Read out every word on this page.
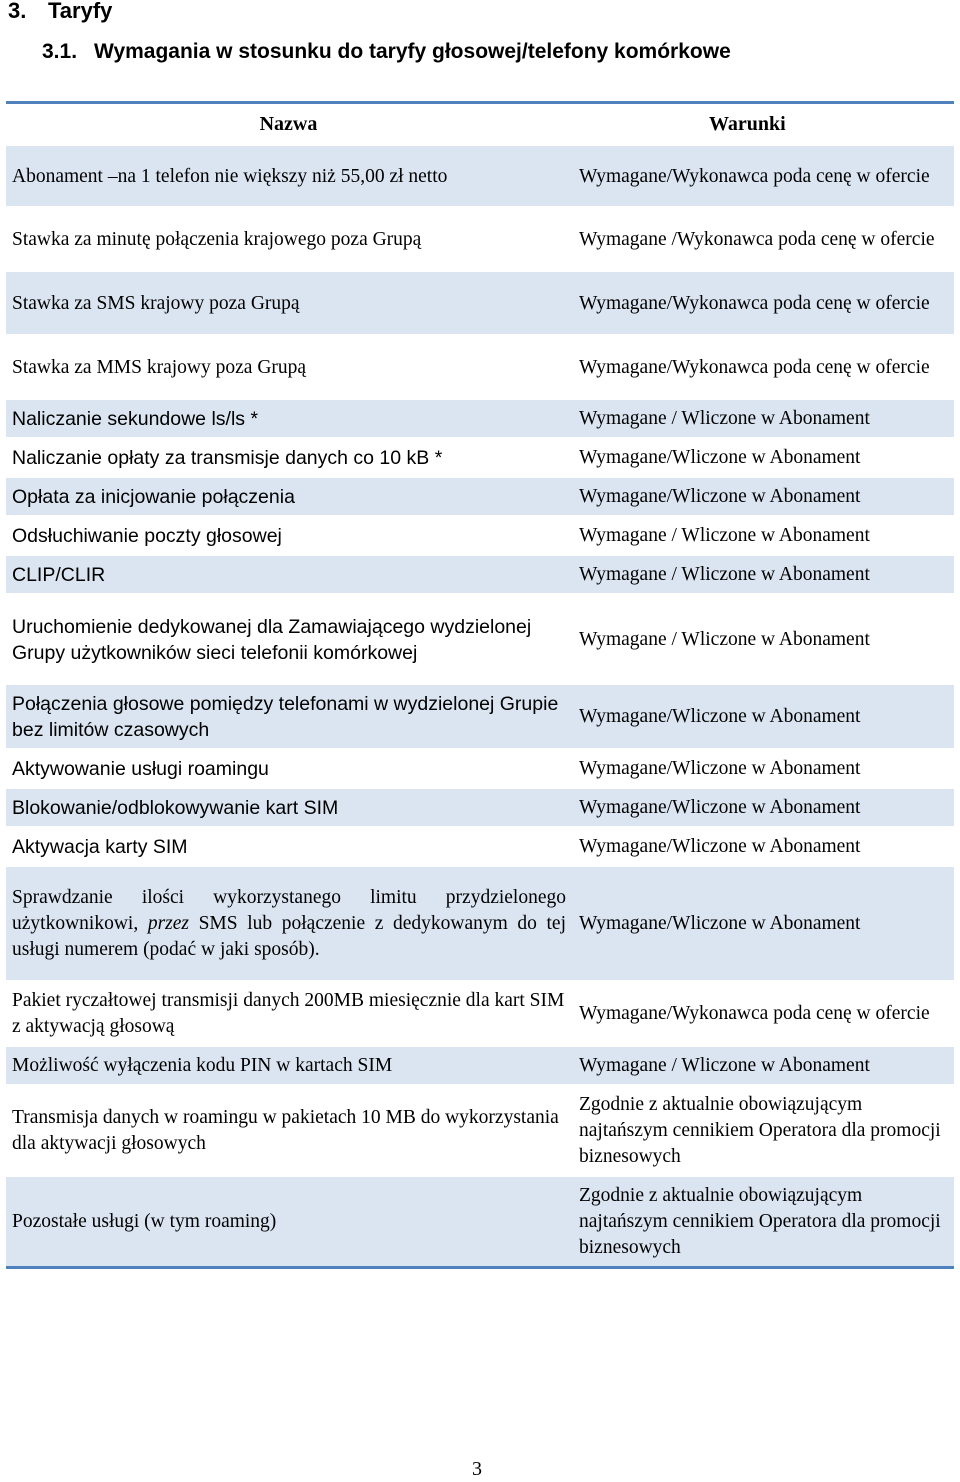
3. Taryfy
3.1. Wymagania w stosunku do taryfy głosowej/telefony komórkowe
Nazwa	Warunki
Abonament –na 1 telefon nie większy niż 55,00 zł netto	Wymagane/Wykonawca poda cenę w ofercie
Stawka za minutę połączenia krajowego poza Grupą	Wymagane /Wykonawca poda cenę w ofercie
Stawka za SMS krajowy poza Grupą	Wymagane/Wykonawca poda cenę w ofercie
Stawka za MMS krajowy poza Grupą	Wymagane/Wykonawca poda cenę w ofercie
Naliczanie sekundowe ls/ls *	Wymagane / Wliczone w Abonament
Naliczanie opłaty za transmisje danych co 10 kB *	Wymagane/Wliczone w Abonament
Opłata za inicjowanie połączenia	Wymagane/Wliczone w Abonament
Odsłuchiwanie poczty głosowej	Wymagane / Wliczone w Abonament
CLIP/CLIR	Wymagane / Wliczone w Abonament
Uruchomienie dedykowanej dla Zamawiającego wydzielonej Grupy użytkowników sieci telefonii komórkowej	Wymagane / Wliczone w Abonament
Połączenia głosowe pomiędzy telefonami w wydzielonej Grupie bez limitów czasowych	Wymagane/Wliczone w Abonament
Aktywowanie usługi roamingu	Wymagane/Wliczone w Abonament
Blokowanie/odblokowywanie kart SIM	Wymagane/Wliczone w Abonament
Aktywacja karty SIM	Wymagane/Wliczone w Abonament
Sprawdzanie ilości wykorzystanego limitu przydzielonego użytkownikowi, przez SMS lub połączenie z dedykowanym do tej usługi numerem (podać w jaki sposób).	Wymagane/Wliczone w Abonament
Pakiet ryczałtowej transmisji danych 200MB miesięcznie dla kart SIM z aktywacją głosową	Wymagane/Wykonawca poda cenę w ofercie
Możliwość wyłączenia kodu PIN w kartach SIM	Wymagane / Wliczone w Abonament
Transmisja danych w roamingu w pakietach 10 MB do wykorzystania dla aktywacji głosowych	Zgodnie z aktualnie obowiązującym najtańszym cennikiem Operatora dla promocji biznesowych
Pozostałe usługi (w tym roaming)	Zgodnie z aktualnie obowiązującym najtańszym cennikiem Operatora dla promocji biznesowych
3
